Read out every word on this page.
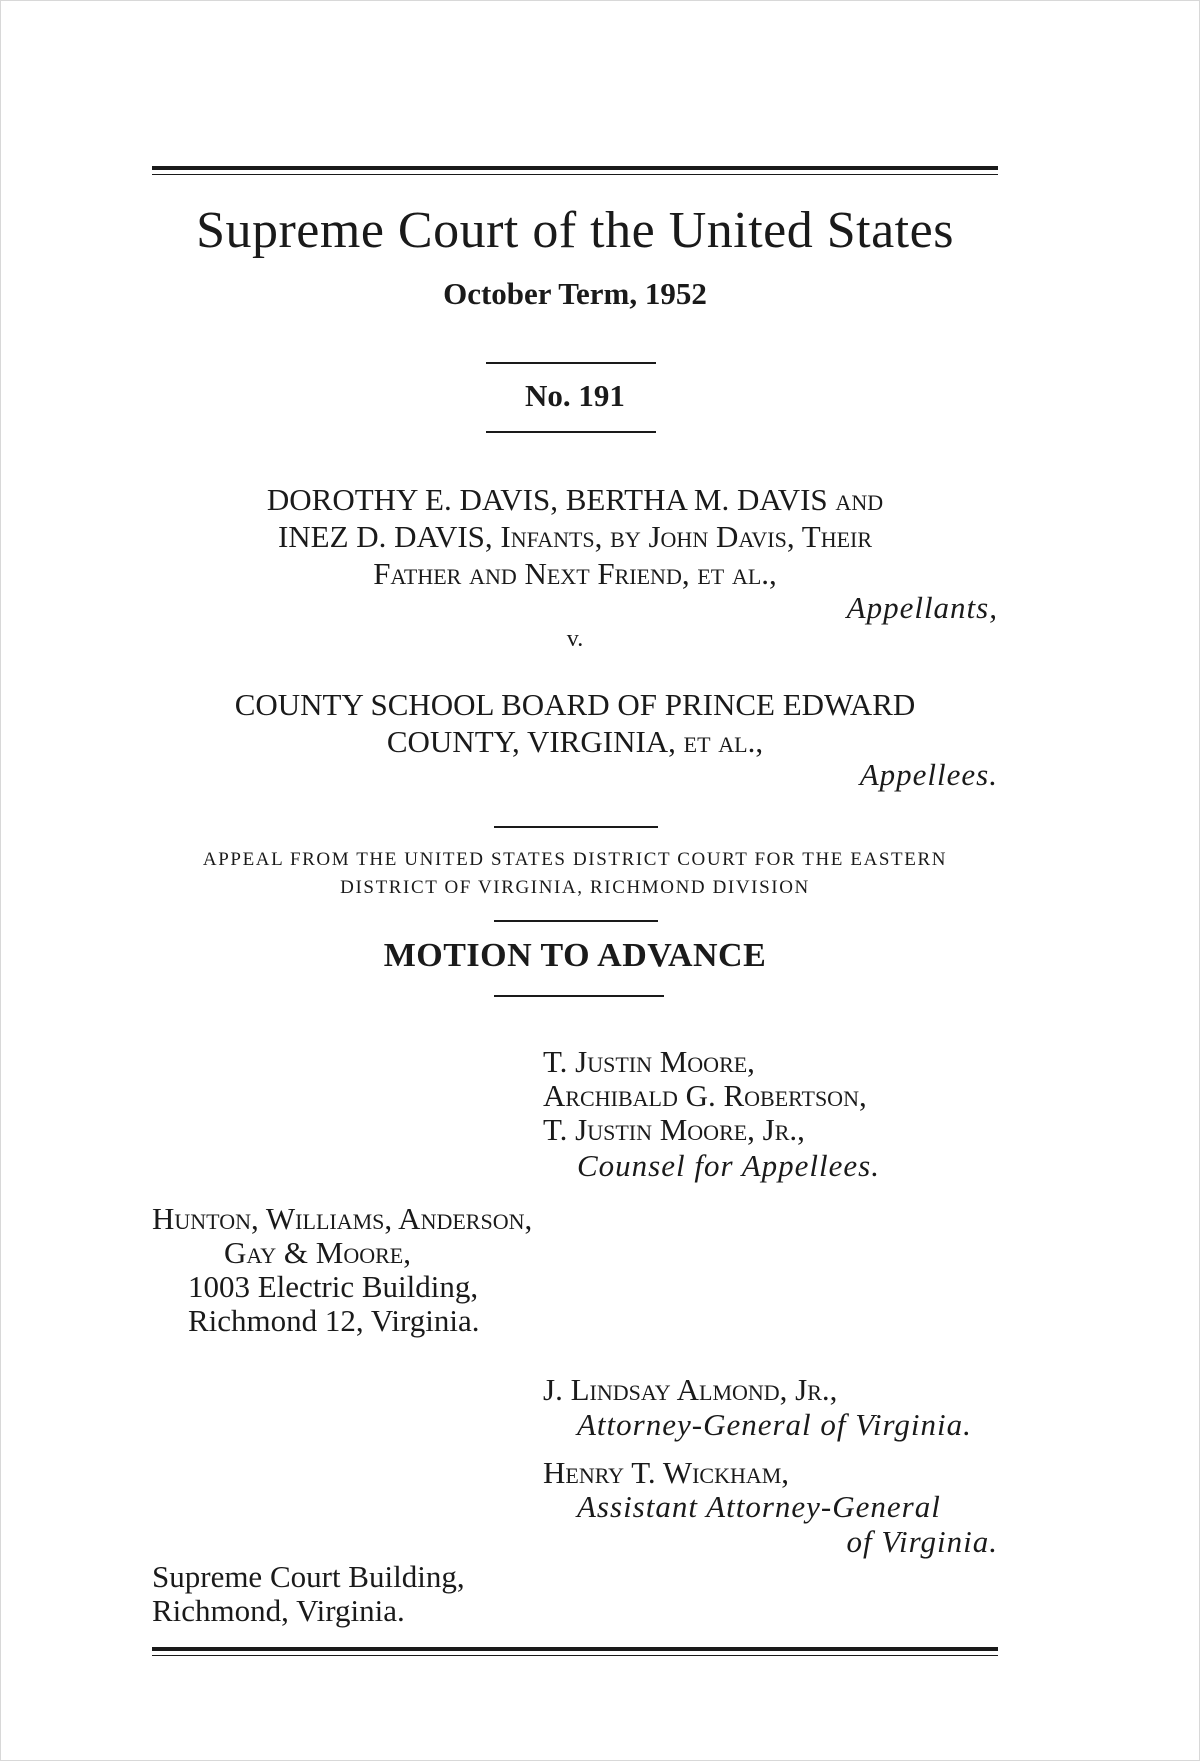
Supreme Court of the United States
October Term, 1952
No. 191
DOROTHY E. DAVIS, BERTHA M. DAVIS and
INEZ D. DAVIS, Infants, by John Davis, Their
Father and Next Friend, et al.,
Appellants,
v.
COUNTY SCHOOL BOARD OF PRINCE EDWARD
COUNTY, VIRGINIA, et al.,
Appellees.
APPEAL FROM THE UNITED STATES DISTRICT COURT FOR THE EASTERN
DISTRICT OF VIRGINIA, RICHMOND DIVISION
MOTION TO ADVANCE
T. Justin Moore,
Archibald G. Robertson,
T. Justin Moore, Jr.,
Counsel for Appellees.
Hunton, Williams, Anderson,
Gay & Moore,
1003 Electric Building,
Richmond 12, Virginia.
J. Lindsay Almond, Jr.,
Attorney-General of Virginia.
Henry T. Wickham,
Assistant Attorney-General
of Virginia.
Supreme Court Building,
Richmond, Virginia.
